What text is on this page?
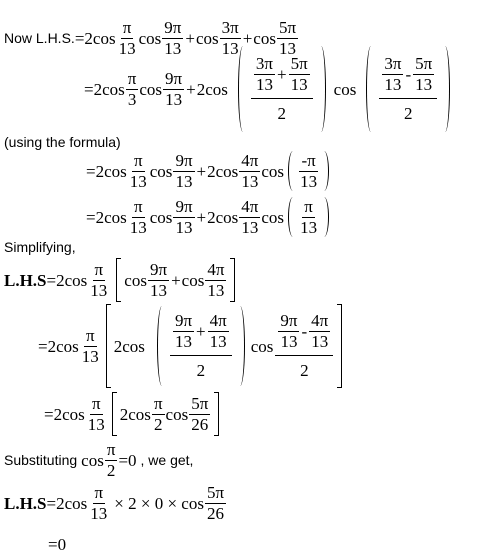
Now L.H.S. = $2\cos \frac{\pi}{13}$ $\cos \frac{9\pi}{13} + \cos \frac{3\pi}{13} + \cos \frac{5\pi}{13}$
= $2\cos \frac{\pi}{3}$ $\cos \frac{9\pi}{13} + 2\cos \frac{\frac{3\pi}{13} + \frac{5\pi}{13}}{2}$ $\cos \frac{\frac{3\pi}{13} - \frac{5\pi}{13}}{2}$
(using the formula)
= $2\cos \frac{\pi}{13}$ $\cos \frac{9\pi}{13} + 2\cos \frac{4\pi}{13}$ $\cos \frac{-\pi}{13}$
= $2\cos \frac{\pi}{13}$ $\cos \frac{9\pi}{13} + 2\cos \frac{4\pi}{13}$ $\cos \frac{\pi}{13}$
Simplifying,
$L.H.S = 2\cos \frac{\pi}{13}$ $\cos \frac{9\pi}{13} + \cos \frac{4\pi}{13}$
= $2\cos \frac{\pi}{13} 2\cos \frac{\frac{9\pi}{13} + \frac{4\pi}{13}}{2}$ $\cos \frac{\frac{9\pi}{13} - \frac{4\pi}{13}}{2}$
= $2\cos \frac{\pi}{13} 2\cos \frac{\pi}{2}$ $\cos \frac{5\pi}{26}$
Substituting $\cos \frac{\pi}{2} =0$ , we get,
$L.H.S = 2\cos \frac{\pi}{13} \times 2 \times 0 \times \cos \frac{5\pi}{26}$
=0
